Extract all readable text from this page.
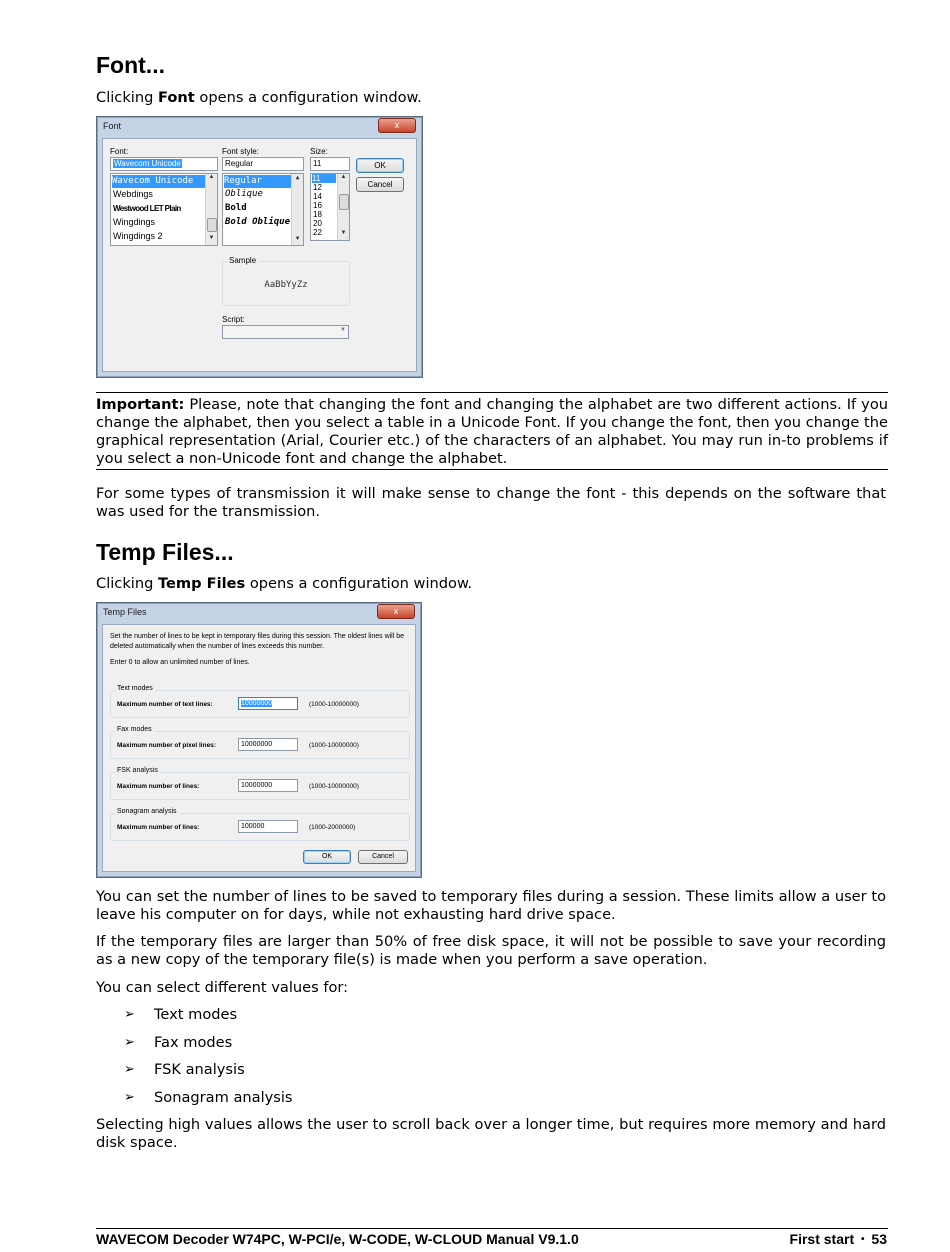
Font...

Clicking Font opens a configuration window.

Font	x
Font:
Wavecom Unicode
Wavecom Unicode
Webdings
Westwood LET Plain
Wingdings
Wingdings 2
▲
▼
Font style:
Regular
Regular
Oblique
Bold
Bold Oblique
▲
▼
Size:
11
11
12
14
16
18
20
22
▲
▼
OK
Cancel
Sample
AaBbYyZz
Script:
▼

Important: Please, note that changing the font and changing the alphabet are two different actions. If you change the alphabet, then you select a table in a Unicode Font. If you change the font, then you change the graphical representation (Arial, Courier etc.) of the characters of an alphabet. You may run in-to problems if you select a non-Unicode font and change the alphabet.

For some types of transmission it will make sense to change the font - this depends on the software that was used for the transmission.

Temp Files...

Clicking Temp Files opens a configuration window.

Temp Files	x
Set the number of lines to be kept in temporary files during this session. The oldest lines will be deleted automatically when the number of lines exceeds this number.
Enter 0 to allow an unlimited number of lines.
Text modes
Maximum number of text lines:	10000000	(1000-10000000)
Fax modes
Maximum number of pixel lines:	10000000	(1000-10000000)
FSK analysis
Maximum number of lines:	10000000	(1000-10000000)
Sonagram analysis
Maximum number of lines:	100000	(1000-2000000)
OK	Cancel

You can set the number of lines to be saved to temporary files during a session. These limits allow a user to leave his computer on for days, while not exhausting hard drive space.

If the temporary files are larger than 50% of free disk space, it will not be possible to save your recording as a new copy of the temporary file(s) is made when you perform a save operation.

You can select different values for:

➢ Text modes
➢ Fax modes
➢ FSK analysis
➢ Sonagram analysis

Selecting high values allows the user to scroll back over a longer time, but requires more memory and hard disk space.

WAVECOM Decoder W74PC, W-PCI/e, W-CODE, W-CLOUD Manual V9.1.0	First start • 53
